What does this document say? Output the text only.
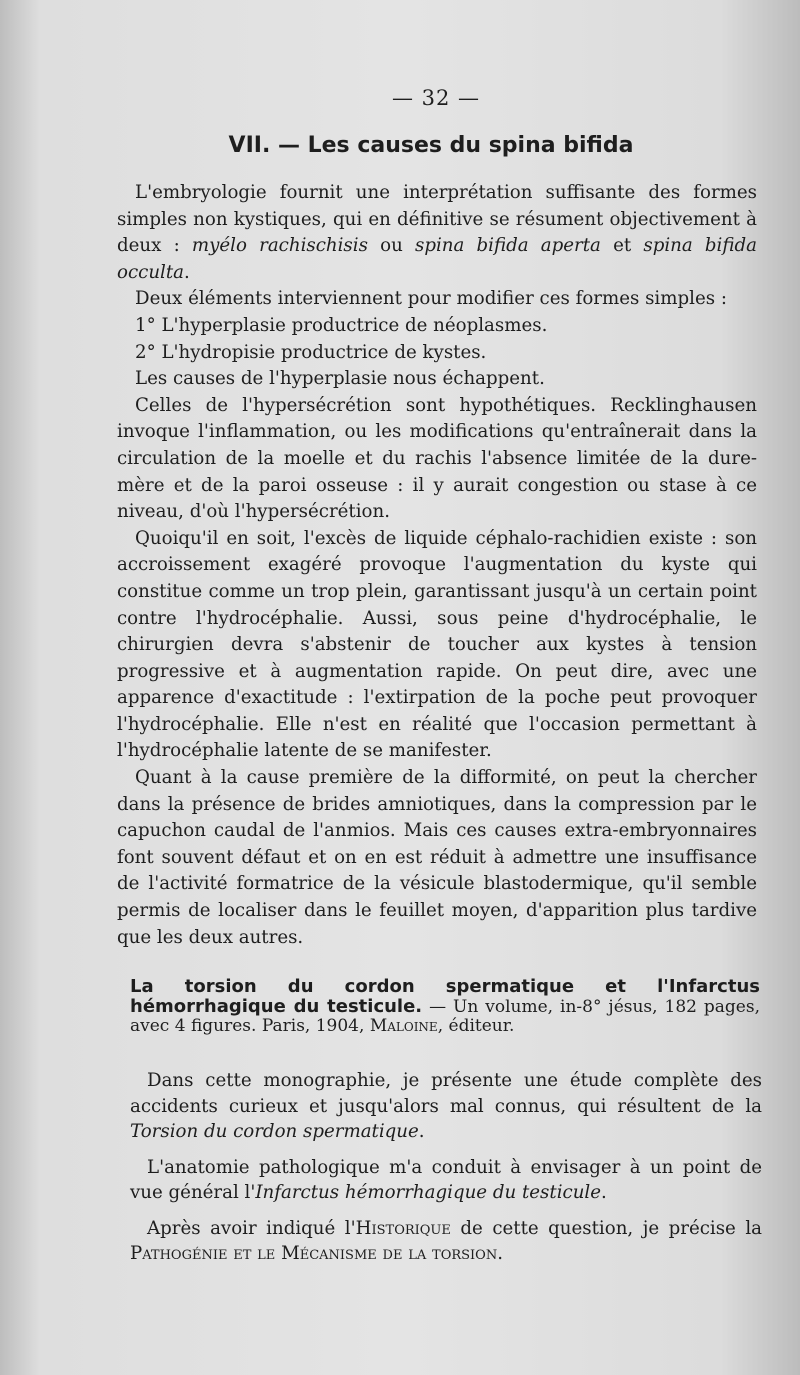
— 32 —
VII. — Les causes du spina bifida

L'embryologie fournit une interprétation suffisante des formes simples non kystiques, qui en définitive se résument objectivement à deux : myélo rachischisis ou spina bifida aperta et spina bifida occulta.

Deux éléments interviennent pour modifier ces formes simples :

1° L'hyperplasie productrice de néoplasmes.

2° L'hydropisie productrice de kystes.

Les causes de l'hyperplasie nous échappent.

Celles de l'hypersécrétion sont hypothétiques. Recklinghausen invoque l'inflammation, ou les modifications qu'entraînerait dans la circulation de la moelle et du rachis l'absence limitée de la dure-mère et de la paroi osseuse : il y aurait congestion ou stase à ce niveau, d'où l'hypersécrétion.

Quoiqu'il en soit, l'excès de liquide céphalo-rachidien existe : son accroissement exagéré provoque l'augmentation du kyste qui constitue comme un trop plein, garantissant jusqu'à un certain point contre l'hydrocéphalie. Aussi, sous peine d'hydrocéphalie, le chirurgien devra s'abstenir de toucher aux kystes à tension progressive et à augmentation rapide. On peut dire, avec une apparence d'exactitude : l'extirpation de la poche peut provoquer l'hydrocéphalie. Elle n'est en réalité que l'occasion permettant à l'hydrocéphalie latente de se manifester.

Quant à la cause première de la difformité, on peut la chercher dans la présence de brides amniotiques, dans la compression par le capuchon caudal de l'anmios. Mais ces causes extra-embryonnaires font souvent défaut et on en est réduit à admettre une insuffisance de l'activité formatrice de la vésicule blastodermique, qu'il semble permis de localiser dans le feuillet moyen, d'apparition plus tardive que les deux autres.

La torsion du cordon spermatique et l'Infarctus hémorrhagique du testicule. — Un volume, in-8° jésus, 182 pages, avec 4 figures. Paris, 1904, Maloine, éditeur.

Dans cette monographie, je présente une étude complète des accidents curieux et jusqu'alors mal connus, qui résultent de la Torsion du cordon spermatique.

L'anatomie pathologique m'a conduit à envisager à un point de vue général l'Infarctus hémorrhagique du testicule.

Après avoir indiqué l'Historique de cette question, je précise la Pathogénie et le Mécanisme de la torsion.
